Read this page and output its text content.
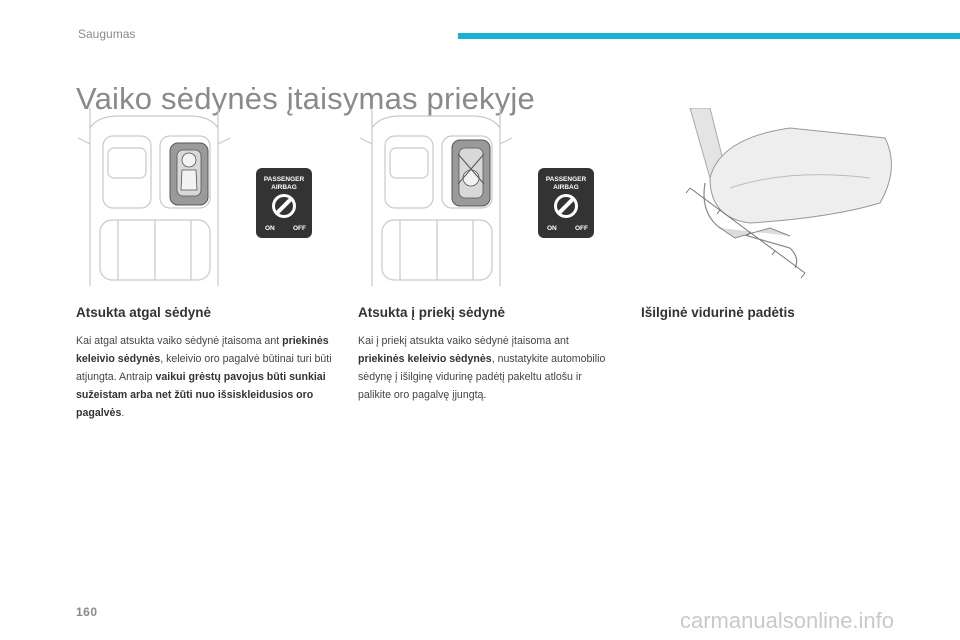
Saugumas
Vaiko sėdynės įtaisymas priekyje
PASSENGER
AIRBAG
ON	OFF
PASSENGER
AIRBAG
ON	OFF
Atsukta atgal sėdynė

Kai atgal atsukta vaiko sėdynė įtaisoma ant priekinės keleivio sėdynės, keleivio oro pagalvė būtinai turi būti atjungta. Antraip vaikui grėstų pavojus būti sunkiai sužeistam arba net žūti nuo išsiskleidusios oro pagalvės.

Atsukta į priekį sėdynė

Kai į priekį atsukta vaiko sėdynė įtaisoma ant priekinės keleivio sėdynės, nustatykite automobilio sėdynę į išilginę vidurinę padėtį pakeltu atlošu ir palikite oro pagalvę įjungtą.

Išilginė vidurinė padėtis
160	carmanualsonline.info
